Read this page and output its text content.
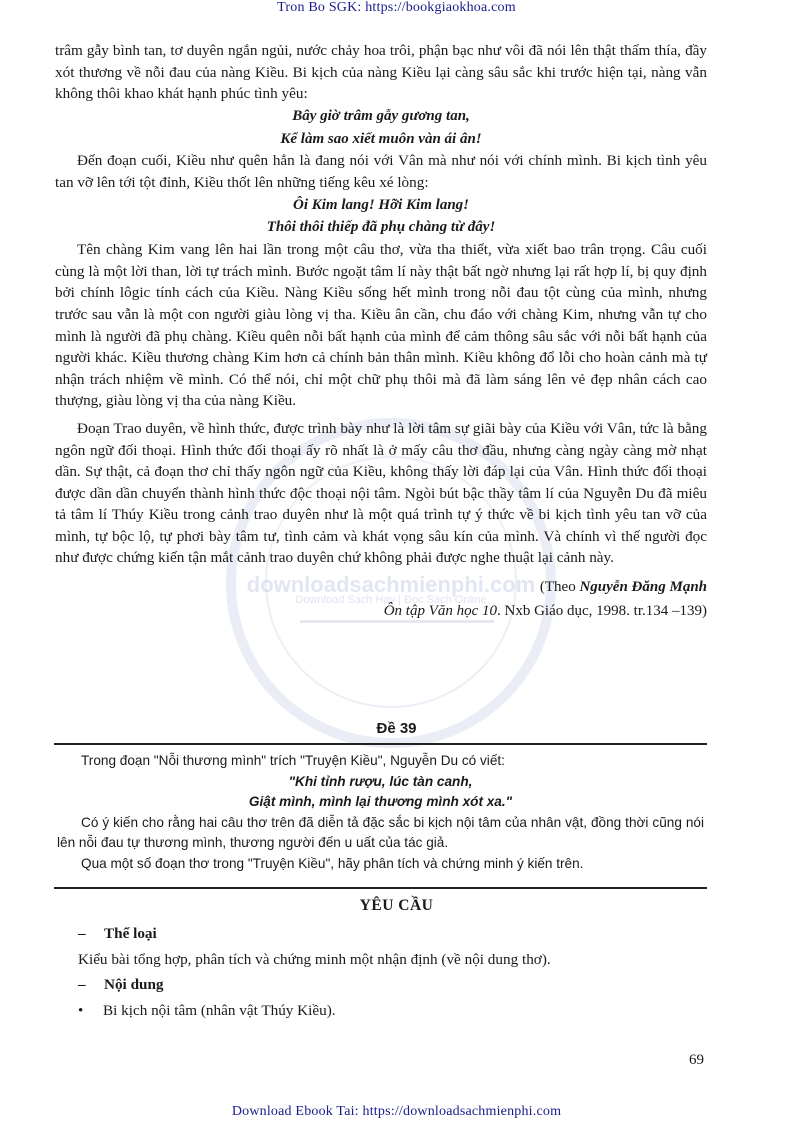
downloadsachmienphi.com
Download Sách Hay | Đọc Sách Online
Tron Bo SGK: https://bookgiaokhoa.com

trâm gẫy bình tan, tơ duyên ngắn ngủi, nước chảy hoa trôi, phận bạc như vôi đã nói lên thật thấm thía, đầy xót thương về nỗi đau của nàng Kiều. Bi kịch của nàng Kiều lại càng sâu sắc khi trước hiện tại, nàng vẫn không thôi khao khát hạnh phúc tình yêu:

Bây giờ trâm gẫy gương tan,

Kể làm sao xiết muôn vàn ái ân!

Đến đoạn cuối, Kiều như quên hẳn là đang nói với Vân mà như nói với chính mình. Bi kịch tình yêu tan vỡ lên tới tột đỉnh, Kiều thốt lên những tiếng kêu xé lòng:

Ôi Kim lang! Hỡi Kim lang!

Thôi thôi thiếp đã phụ chàng từ đây!

Tên chàng Kim vang lên hai lần trong một câu thơ, vừa tha thiết, vừa xiết bao trân trọng. Câu cuối cùng là một lời than, lời tự trách mình. Bước ngoặt tâm lí này thật bất ngờ nhưng lại rất hợp lí, bị quy định bởi chính lôgic tính cách của Kiều. Nàng Kiều sống hết mình trong nỗi đau tột cùng của mình, nhưng trước sau vẫn là một con người giàu lòng vị tha. Kiều ân cần, chu đáo với chàng Kim, nhưng vẫn tự cho mình là người đã phụ chàng. Kiều quên nỗi bất hạnh của mình để cảm thông sâu sắc với nỗi bất hạnh của người khác. Kiều thương chàng Kim hơn cả chính bản thân mình. Kiều không đổ lỗi cho hoàn cảnh mà tự nhận trách nhiệm về mình. Có thể nói, chỉ một chữ phụ thôi mà đã làm sáng lên vẻ đẹp nhân cách cao thượng, giàu lòng vị tha của nàng Kiều.

Đoạn Trao duyên, về hình thức, được trình bày như là lời tâm sự giãi bày của Kiều với Vân, tức là bằng ngôn ngữ đối thoại. Hình thức đối thoại ấy rõ nhất là ở mấy câu thơ đầu, nhưng càng ngày càng mờ nhạt dần. Sự thật, cả đoạn thơ chỉ thấy ngôn ngữ của Kiều, không thấy lời đáp lại của Vân. Hình thức đối thoại được dần dần chuyển thành hình thức độc thoại nội tâm. Ngòi bút bậc thầy tâm lí của Nguyễn Du đã miêu tả tâm lí Thúy Kiều trong cảnh trao duyên như là một quá trình tự ý thức về bi kịch tình yêu tan vỡ của mình, tự bộc lộ, tự phơi bày tâm tư, tình cảm và khát vọng sâu kín của mình. Và chính vì thế người đọc như được chứng kiến tận mắt cảnh trao duyên chứ không phải được nghe thuật lại cảnh này.

(Theo Nguyễn Đăng Mạnh

Ôn tập Văn học 10. Nxb Giáo dục, 1998. tr.134 –139)

Đề 39

Trong đoạn "Nỗi thương mình" trích "Truyện Kiều", Nguyễn Du có viết:

"Khi tỉnh rượu, lúc tàn canh,

Giật mình, mình lại thương mình xót xa."

Có ý kiến cho rằng hai câu thơ trên đã diễn tả đặc sắc bi kịch nội tâm của nhân vật, đồng thời cũng nói lên nỗi đau tự thương mình, thương người đến u uất của tác giả.

Qua một số đoạn thơ trong "Truyện Kiều", hãy phân tích và chứng minh ý kiến trên.

YÊU CẦU
– Thể loại
Kiểu bài tổng hợp, phân tích và chứng minh một nhận định (về nội dung thơ).
– Nội dung
• Bi kịch nội tâm (nhân vật Thúy Kiều).
69
Download Ebook Tai: https://downloadsachmienphi.com
